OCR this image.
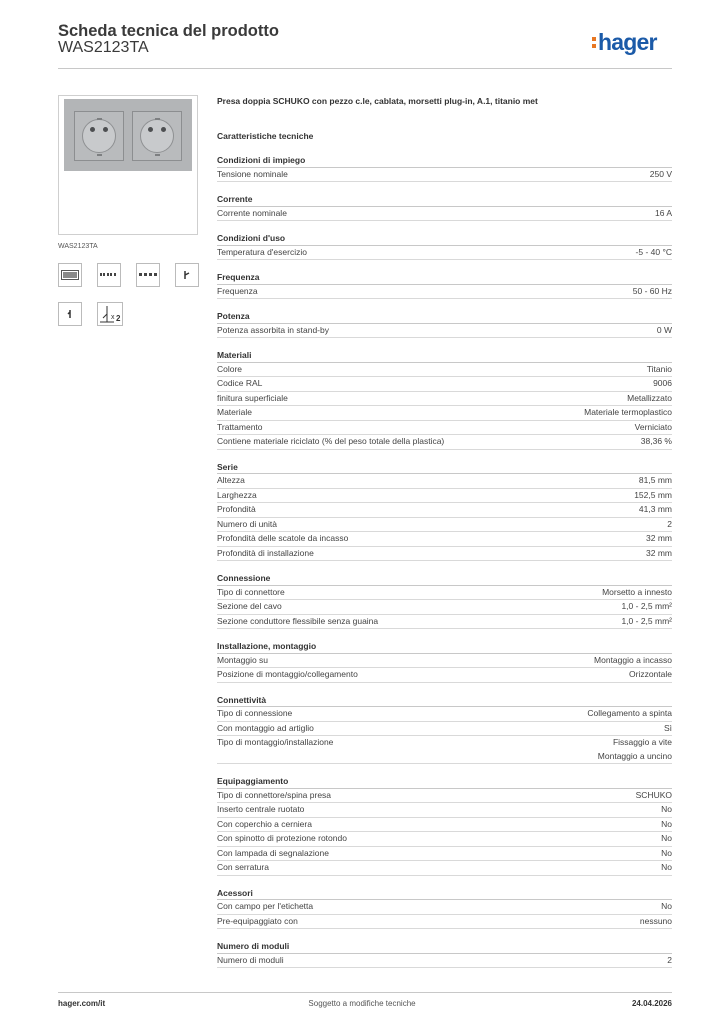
Scheda tecnica del prodotto
WAS2123TA	hager
WAS2123TA
x 2
Presa doppia SCHUKO con pezzo c.le, cablata, morsetti plug-in, A.1, titanio met
Caratteristiche tecniche
Condizioni di impiego
Tensione nominale	250 V
Corrente
Corrente nominale	16 A
Condizioni d'uso
Temperatura d'esercizio	-5 - 40 °C
Frequenza
Frequenza	50 - 60 Hz
Potenza
Potenza assorbita in stand-by	0 W
Materiali
Colore	Titanio
Codice RAL	9006
finitura superficiale	Metallizzato
Materiale	Materiale termoplastico
Trattamento	Verniciato
Contiene materiale riciclato (% del peso totale della plastica)	38,36 %
Serie
Altezza	81,5 mm
Larghezza	152,5 mm
Profondità	41,3 mm
Numero di unità	2
Profondità delle scatole da incasso	32 mm
Profondità di installazione	32 mm
Connessione
Tipo di connettore	Morsetto a innesto
Sezione del cavo	1,0 - 2,5 mm²
Sezione conduttore flessibile senza guaina	1,0 - 2,5 mm²
Installazione, montaggio
Montaggio su	Montaggio a incasso
Posizione di montaggio/collegamento	Orizzontale
Connettività
Tipo di connessione	Collegamento a spinta
Con montaggio ad artiglio	Sì
Tipo di montaggio/installazione	Fissaggio a vite
Montaggio a uncino
Equipaggiamento
Tipo di connettore/spina presa	SCHUKO
Inserto centrale ruotato	No
Con coperchio a cerniera	No
Con spinotto di protezione rotondo	No
Con lampada di segnalazione	No
Con serratura	No
Acessori
Con campo per l'etichetta	No
Pre-equipaggiato con	nessuno
Numero di moduli
Numero di moduli	2
hager.com/it	Soggetto a modifiche tecniche	24.04.2026
